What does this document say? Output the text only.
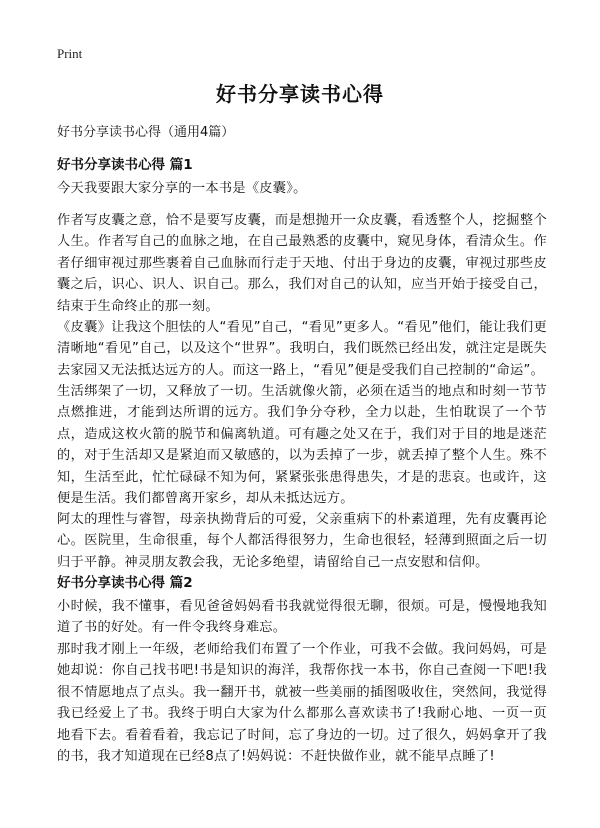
Print
好书分享读书心得
好书分享读书心得（通用4篇）
好书分享读书心得 篇1

今天我要跟大家分享的一本书是《皮囊》。

作者写皮囊之意，恰不是要写皮囊，而是想抛开一众皮囊，看透整个人，挖掘整个人生。作者写自己的血脉之地，在自己最熟悉的皮囊中，窥见身体，看清众生。作者仔细审视过那些裹着自己血脉而行走于天地、付出于身边的皮囊，审视过那些皮囊之后，识心、识人、识自己。那么，我们对自己的认知，应当开始于接受自己，结束于生命终止的那一刻。

《皮囊》让我这个胆怯的人“看见”自己，“看见”更多人。“看见”他们，能让我们更清晰地“看见”自己，以及这个“世界”。我明白，我们既然已经出发，就注定是既失去家园又无法抵达远方的人。而这一路上，“看见”便是受我们自己控制的“命运”。

生活绑架了一切，又释放了一切。生活就像火箭，必须在适当的地点和时刻一节节点燃推进，才能到达所谓的远方。我们争分夺秒，全力以赴，生怕耽误了一个节点，造成这枚火箭的脱节和偏离轨道。可有趣之处又在于，我们对于目的地是迷茫的，对于生活却又是紧迫而又敏感的，以为丢掉了一步，就丢掉了整个人生。殊不知，生活至此，忙忙碌碌不知为何，紧紧张张患得患失，才是的悲哀。也或许，这便是生活。我们都曾离开家乡，却从未抵达远方。

阿太的理性与睿智，母亲执拗背后的可爱，父亲重病下的朴素道理，先有皮囊再论心。医院里，生命很重，每个人都活得很努力，生命也很轻，轻薄到照面之后一切归于平静。神灵朋友教会我，无论多绝望，请留给自己一点安慰和信仰。

好书分享读书心得 篇2

小时候，我不懂事，看见爸爸妈妈看书我就觉得很无聊，很烦。可是，慢慢地我知道了书的好处。有一件令我终身难忘。

那时我才刚上一年级，老师给我们布置了一个作业，可我不会做。我问妈妈，可是她却说：你自己找书吧!书是知识的海洋，我帮你找一本书，你自己查阅一下吧!我很不情愿地点了点头。我一翻开书，就被一些美丽的插图吸收住，突然间，我觉得我已经爱上了书。我终于明白大家为什么都那么喜欢读书了!我耐心地、一页一页地看下去。看着看着，我忘记了时间，忘了身边的一切。过了很久，妈妈拿开了我的书，我才知道现在已经8点了!妈妈说：不赶快做作业，就不能早点睡了!
